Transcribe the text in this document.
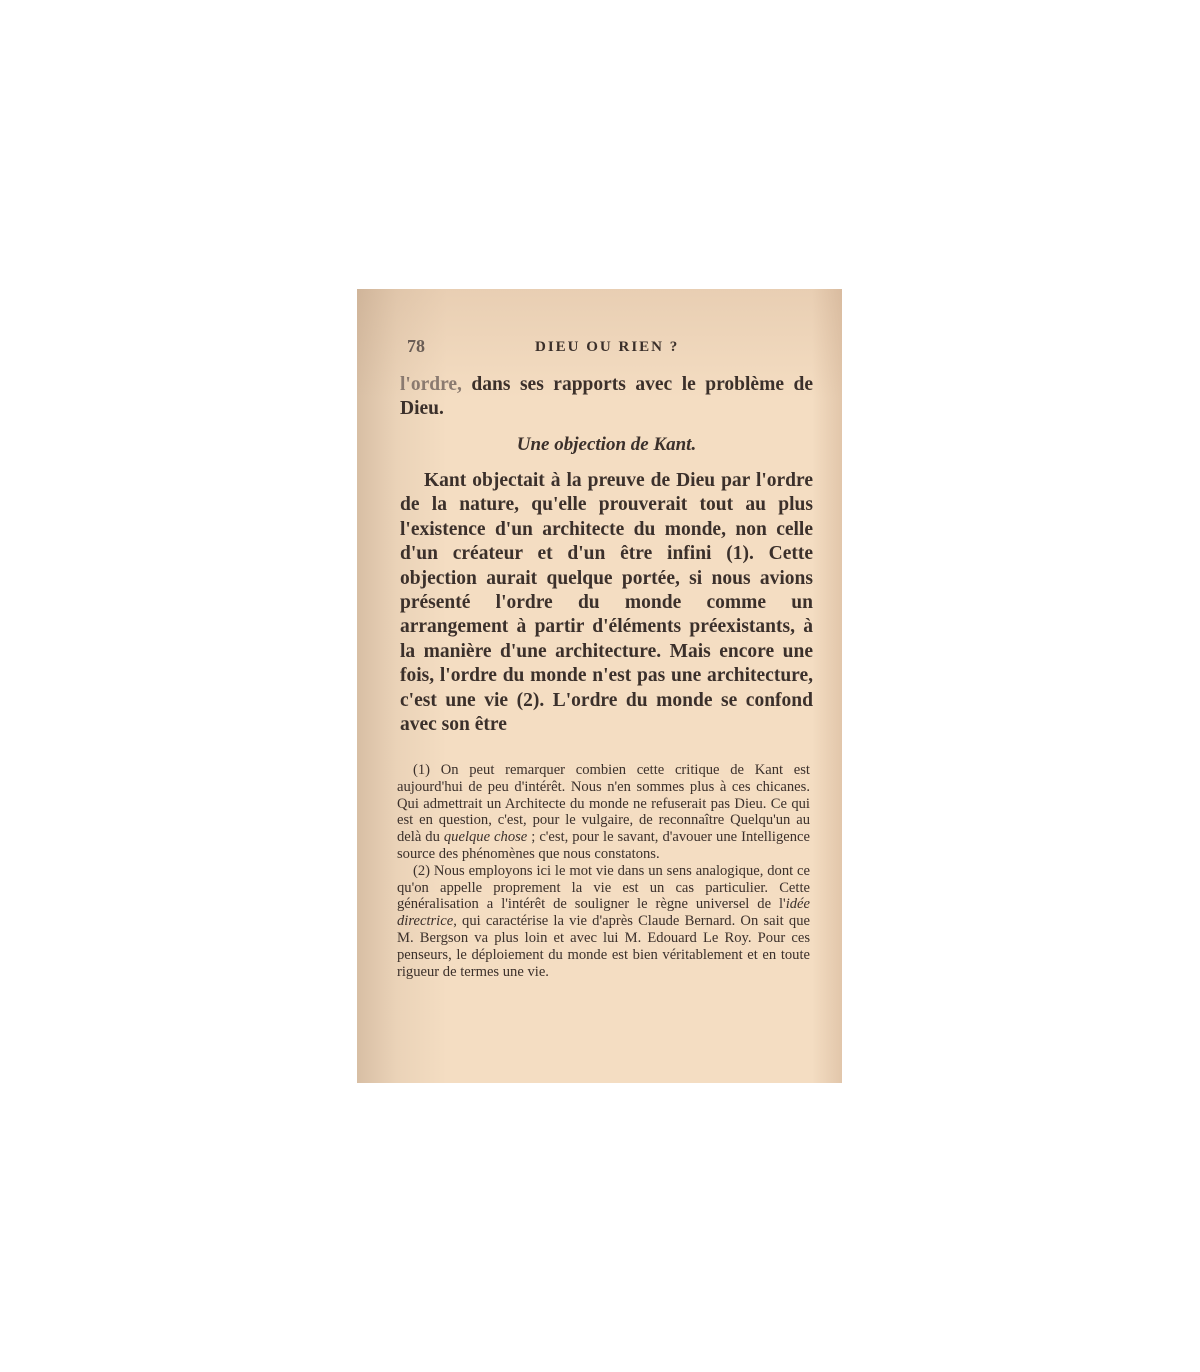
78	DIEU OU RIEN ?

l'ordre, dans ses rapports avec le problème de Dieu.

Une objection de Kant.

Kant objectait à la preuve de Dieu par l'ordre de la nature, qu'elle prouverait tout au plus l'existence d'un architecte du monde, non celle d'un créateur et d'un être infini (1). Cette objection aurait quelque portée, si nous avions présenté l'ordre du monde comme un arrangement à partir d'éléments préexistants, à la manière d'une architecture. Mais encore une fois, l'ordre du monde n'est pas une architecture, c'est une vie (2). L'ordre du monde se confond avec son être

(1) On peut remarquer combien cette critique de Kant est aujourd'hui de peu d'intérêt. Nous n'en sommes plus à ces chicanes. Qui admettrait un Architecte du monde ne refuserait pas Dieu. Ce qui est en question, c'est, pour le vulgaire, de reconnaître Quelqu'un au delà du quelque chose ; c'est, pour le savant, d'avouer une Intelligence source des phénomènes que nous constatons.

(2) Nous employons ici le mot vie dans un sens analogique, dont ce qu'on appelle proprement la vie est un cas particulier. Cette généralisation a l'intérêt de souligner le règne universel de l'idée directrice, qui caractérise la vie d'après Claude Bernard. On sait que M. Bergson va plus loin et avec lui M. Edouard Le Roy. Pour ces penseurs, le déploiement du monde est bien véritablement et en toute rigueur de termes une vie.
